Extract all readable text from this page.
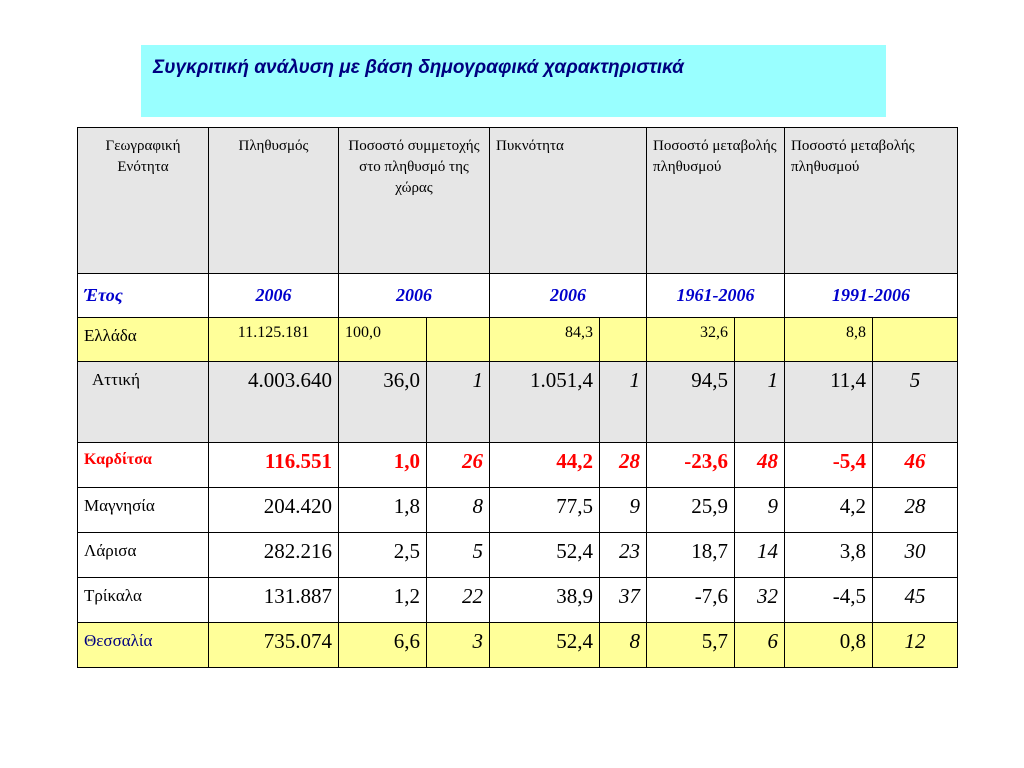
Συγκριτική ανάλυση με βάση δημογραφικά χαρακτηριστικά
Γεωγραφική Ενότητα	Πληθυσμός	Ποσοστό συμμετοχής στο πληθυσμό της χώρας		Πυκνότητα		Ποσοστό μεταβολής πληθυσμού		Ποσοστό μεταβολής πληθυσμού	
Έτος	2006	2006		2006		1961-2006		1991-2006	
Ελλάδα	11.125.181	100,0		84,3		32,6		8,8	
Αττική	4.003.640	36,0	1	1.051,4	1	94,5	1	11,4	5
Καρδίτσα	116.551	1,0	26	44,2	28	-23,6	48	-5,4	46
Μαγνησία	204.420	1,8	8	77,5	9	25,9	9	4,2	28
Λάρισα	282.216	2,5	5	52,4	23	18,7	14	3,8	30
Τρίκαλα	131.887	1,2	22	38,9	37	-7,6	32	-4,5	45
Θεσσαλία	735.074	6,6	3	52,4	8	5,7	6	0,8	12
